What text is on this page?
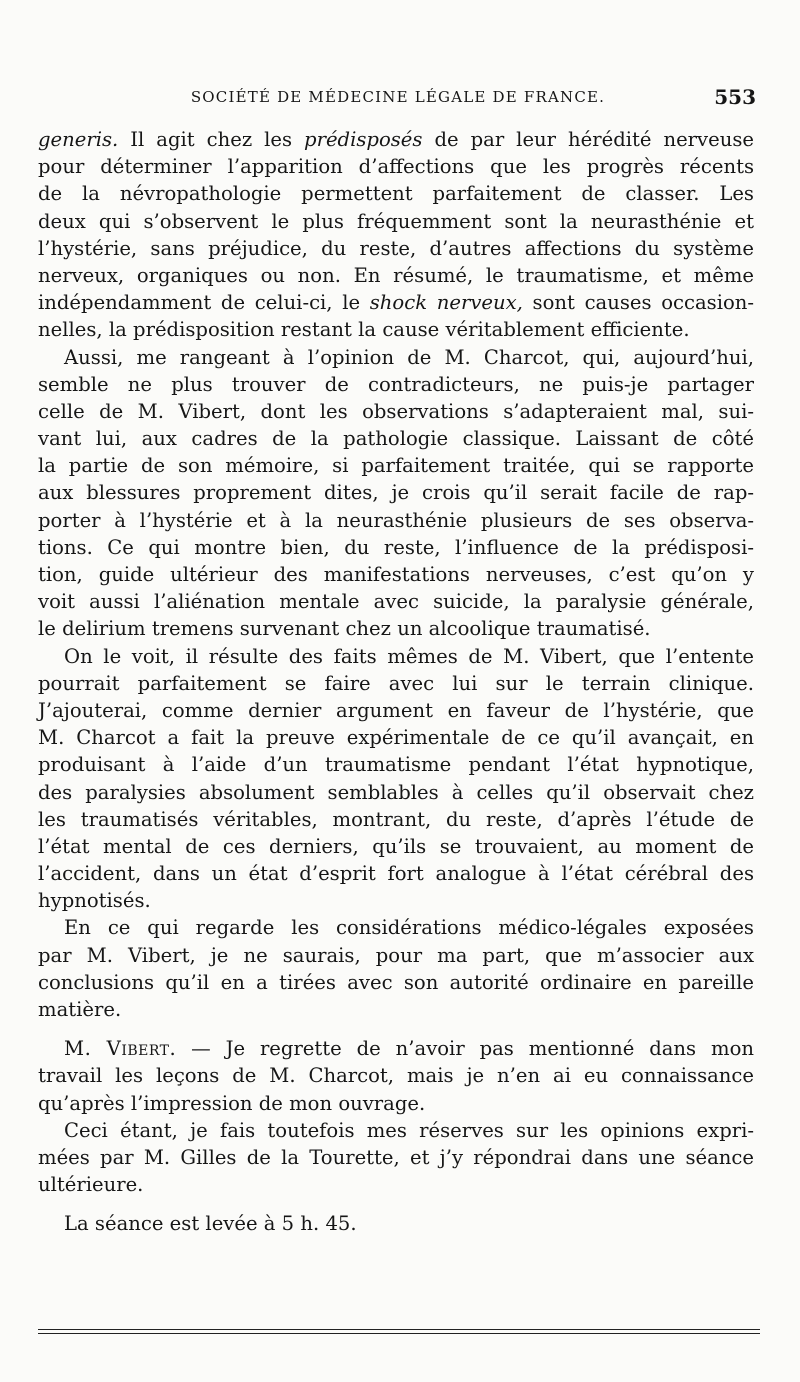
SOCIÉTÉ DE MÉDECINE LÉGALE DE FRANCE.	553
generis. Il agit chez les prédisposés de par leur hérédité nerveuse
pour déterminer l’apparition d’affections que les progrès récents
de la névropathologie permettent parfaitement de classer. Les
deux qui s’observent le plus fréquemment sont la neurasthénie et
l’hystérie, sans préjudice, du reste, d’autres affections du système
nerveux, organiques ou non. En résumé, le traumatisme, et même
indépendamment de celui-ci, le shock nerveux, sont causes occasion-
nelles, la prédisposition restant la cause véritablement efficiente.
Aussi, me rangeant à l’opinion de M. Charcot, qui, aujourd’hui,
semble ne plus trouver de contradicteurs, ne puis-je partager
celle de M. Vibert, dont les observations s’adapteraient mal, sui-
vant lui, aux cadres de la pathologie classique. Laissant de côté
la partie de son mémoire, si parfaitement traitée, qui se rapporte
aux blessures proprement dites, je crois qu’il serait facile de rap-
porter à l’hystérie et à la neurasthénie plusieurs de ses observa-
tions. Ce qui montre bien, du reste, l’influence de la prédisposi-
tion, guide ultérieur des manifestations nerveuses, c’est qu’on y
voit aussi l’aliénation mentale avec suicide, la paralysie générale,
le delirium tremens survenant chez un alcoolique traumatisé.
On le voit, il résulte des faits mêmes de M. Vibert, que l’entente
pourrait parfaitement se faire avec lui sur le terrain clinique.
J’ajouterai, comme dernier argument en faveur de l’hystérie, que
M. Charcot a fait la preuve expérimentale de ce qu’il avançait, en
produisant à l’aide d’un traumatisme pendant l’état hypnotique,
des paralysies absolument semblables à celles qu’il observait chez
les traumatisés véritables, montrant, du reste, d’après l’étude de
l’état mental de ces derniers, qu’ils se trouvaient, au moment de
l’accident, dans un état d’esprit fort analogue à l’état cérébral des
hypnotisés.
En ce qui regarde les considérations médico-légales exposées
par M. Vibert, je ne saurais, pour ma part, que m’associer aux
conclusions qu’il en a tirées avec son autorité ordinaire en pareille
matière.
M. Vibert. — Je regrette de n’avoir pas mentionné dans mon
travail les leçons de M. Charcot, mais je n’en ai eu connaissance
qu’après l’impression de mon ouvrage.
Ceci étant, je fais toutefois mes réserves sur les opinions expri-
mées par M. Gilles de la Tourette, et j’y répondrai dans une séance
ultérieure.
La séance est levée à 5 h. 45.
